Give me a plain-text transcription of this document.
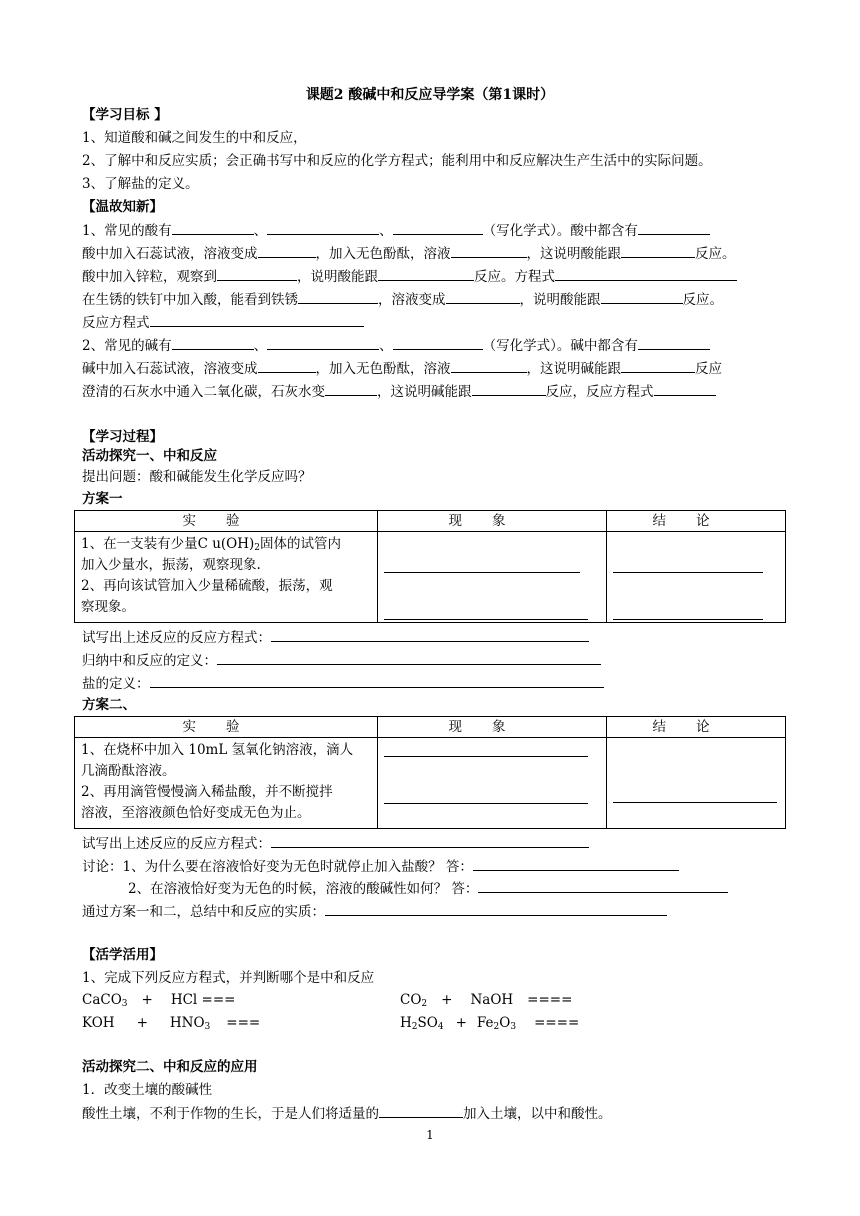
课题2 酸碱中和反应导学案（第1课时）
【学习目标 】
1、知道酸和碱之间发生的中和反应，
2、了解中和反应实质；会正确书写中和反应的化学方程式；能利用中和反应解决生产生活中的实际问题。
3、了解盐的定义。
【温故知新】
1、常见的酸有	、	、	（写化学式）。酸中都含有
酸中加入石蕊试液，溶液变成	，加入无色酚酞，溶液	，这说明酸能跟	反应。
酸中加入锌粒，观察到	，说明酸能跟	反应。方程式
在生锈的铁钉中加入酸，能看到铁锈	，溶液变成	，说明酸能跟	反应。
反应方程式
2、常见的碱有	、	、	（写化学式）。碱中都含有
碱中加入石蕊试液，溶液变成	，加入无色酚酞，溶液	，这说明碱能跟	反应
澄清的石灰水中通入二氧化碳，石灰水变	，这说明碱能跟	反应，反应方程式
【学习过程】
活动探究一、中和反应
提出问题：酸和碱能发生化学反应吗？
方案一
实验	现象	结论

1、在一支装有少量C $u(OH)_2$固体的试管内
加入少量水，振荡，观察现象.
2、再向该试管加入少量稀硫酸，振荡，观
察现象。		

试写出上述反应的反应方程式：
归纳中和反应的定义：
盐的定义：
方案二、
实验	现象	结论

1、在烧杯中加入 10mL 氢氧化钠溶液，滴人
几滴酚酞溶液。
2、再用滴管慢慢滴入稀盐酸，并不断搅拌
溶液，至溶液颜色恰好变成无色为止。		

试写出上述反应的反应方程式：
讨论：1、为什么要在溶液恰好变为无色时就停止加入盐酸？ 答：
2、在溶液恰好变为无色的时候，溶液的酸碱性如何？ 答：
通过方案一和二，总结中和反应的实质：
【活学活用】
1、完成下列反应方程式，并判断哪个是中和反应
CaCO$_3$ + HCl ===	$CO_2$ + NaOH ====
KOH + $HNO_3$ ===	$H_2SO_4 + Fe_2O_3$ ====
活动探究二、中和反应的应用
1．改变土壤的酸碱性
酸性土壤，不利于作物的生长，于是人们将适量的	加入土壤，以中和酸性。
1
